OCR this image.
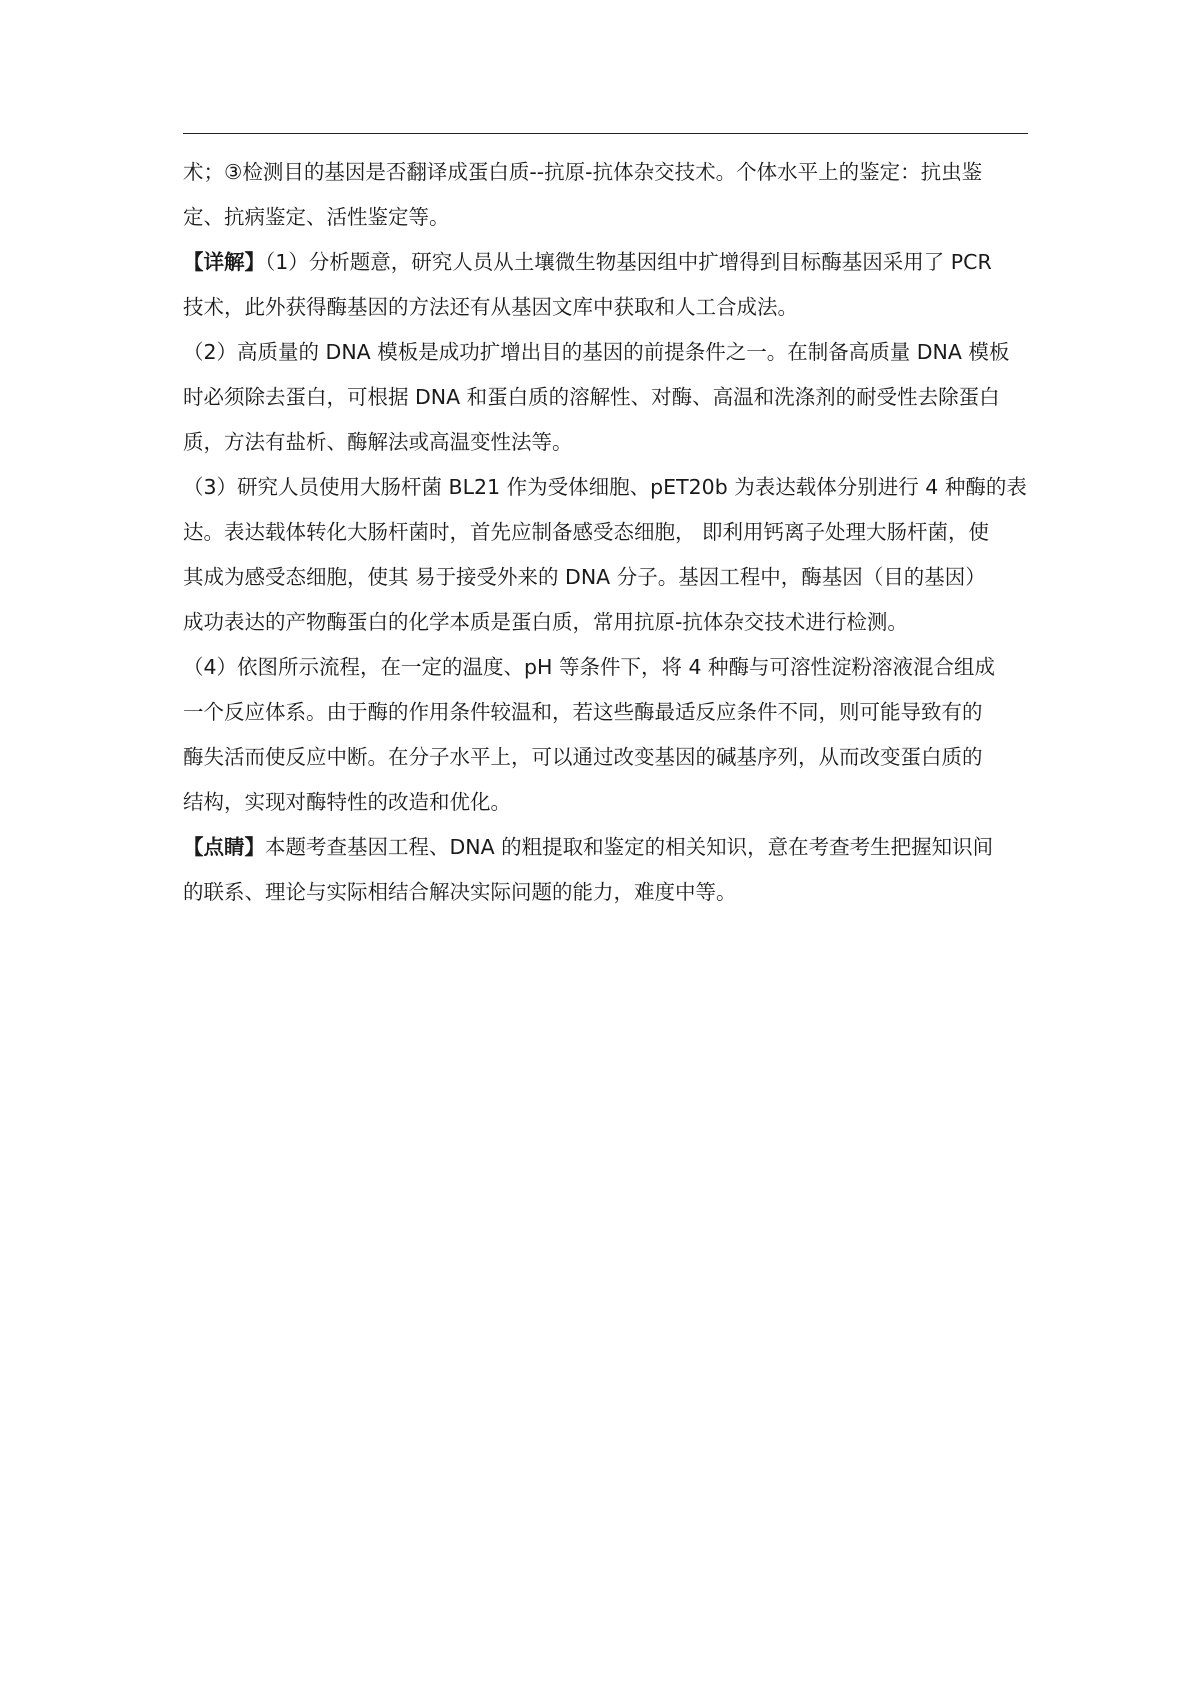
术；③检测目的基因是否翻译成蛋白质--抗原-抗体杂交技术。个体水平上的鉴定：抗虫鉴
定、抗病鉴定、活性鉴定等。
【详解】（1）分析题意，研究人员从土壤微生物基因组中扩增得到目标酶基因采用了 PCR
技术，此外获得酶基因的方法还有从基因文库中获取和人工合成法。
（2）高质量的 DNA 模板是成功扩增出目的基因的前提条件之一。在制备高质量 DNA 模板
时必须除去蛋白，可根据 DNA 和蛋白质的溶解性、对酶、高温和洗涤剂的耐受性去除蛋白
质，方法有盐析、酶解法或高温变性法等。
（3）研究人员使用大肠杆菌 BL21 作为受体细胞、pET20b 为表达载体分别进行 4 种酶的表
达。表达载体转化大肠杆菌时，首先应制备感受态细胞， 即利用钙离子处理大肠杆菌，使
其成为感受态细胞，使其 易于接受外来的 DNA 分子。基因工程中，酶基因（目的基因）
成功表达的产物酶蛋白的化学本质是蛋白质，常用抗原-抗体杂交技术进行检测。
（4）依图所示流程，在一定的温度、pH 等条件下，将 4 种酶与可溶性淀粉溶液混合组成
一个反应体系。由于酶的作用条件较温和，若这些酶最适反应条件不同，则可能导致有的
酶失活而使反应中断。在分子水平上，可以通过改变基因的碱基序列，从而改变蛋白质的
结构，实现对酶特性的改造和优化。
【点睛】本题考查基因工程、DNA 的粗提取和鉴定的相关知识，意在考查考生把握知识间
的联系、理论与实际相结合解决实际问题的能力，难度中等。
